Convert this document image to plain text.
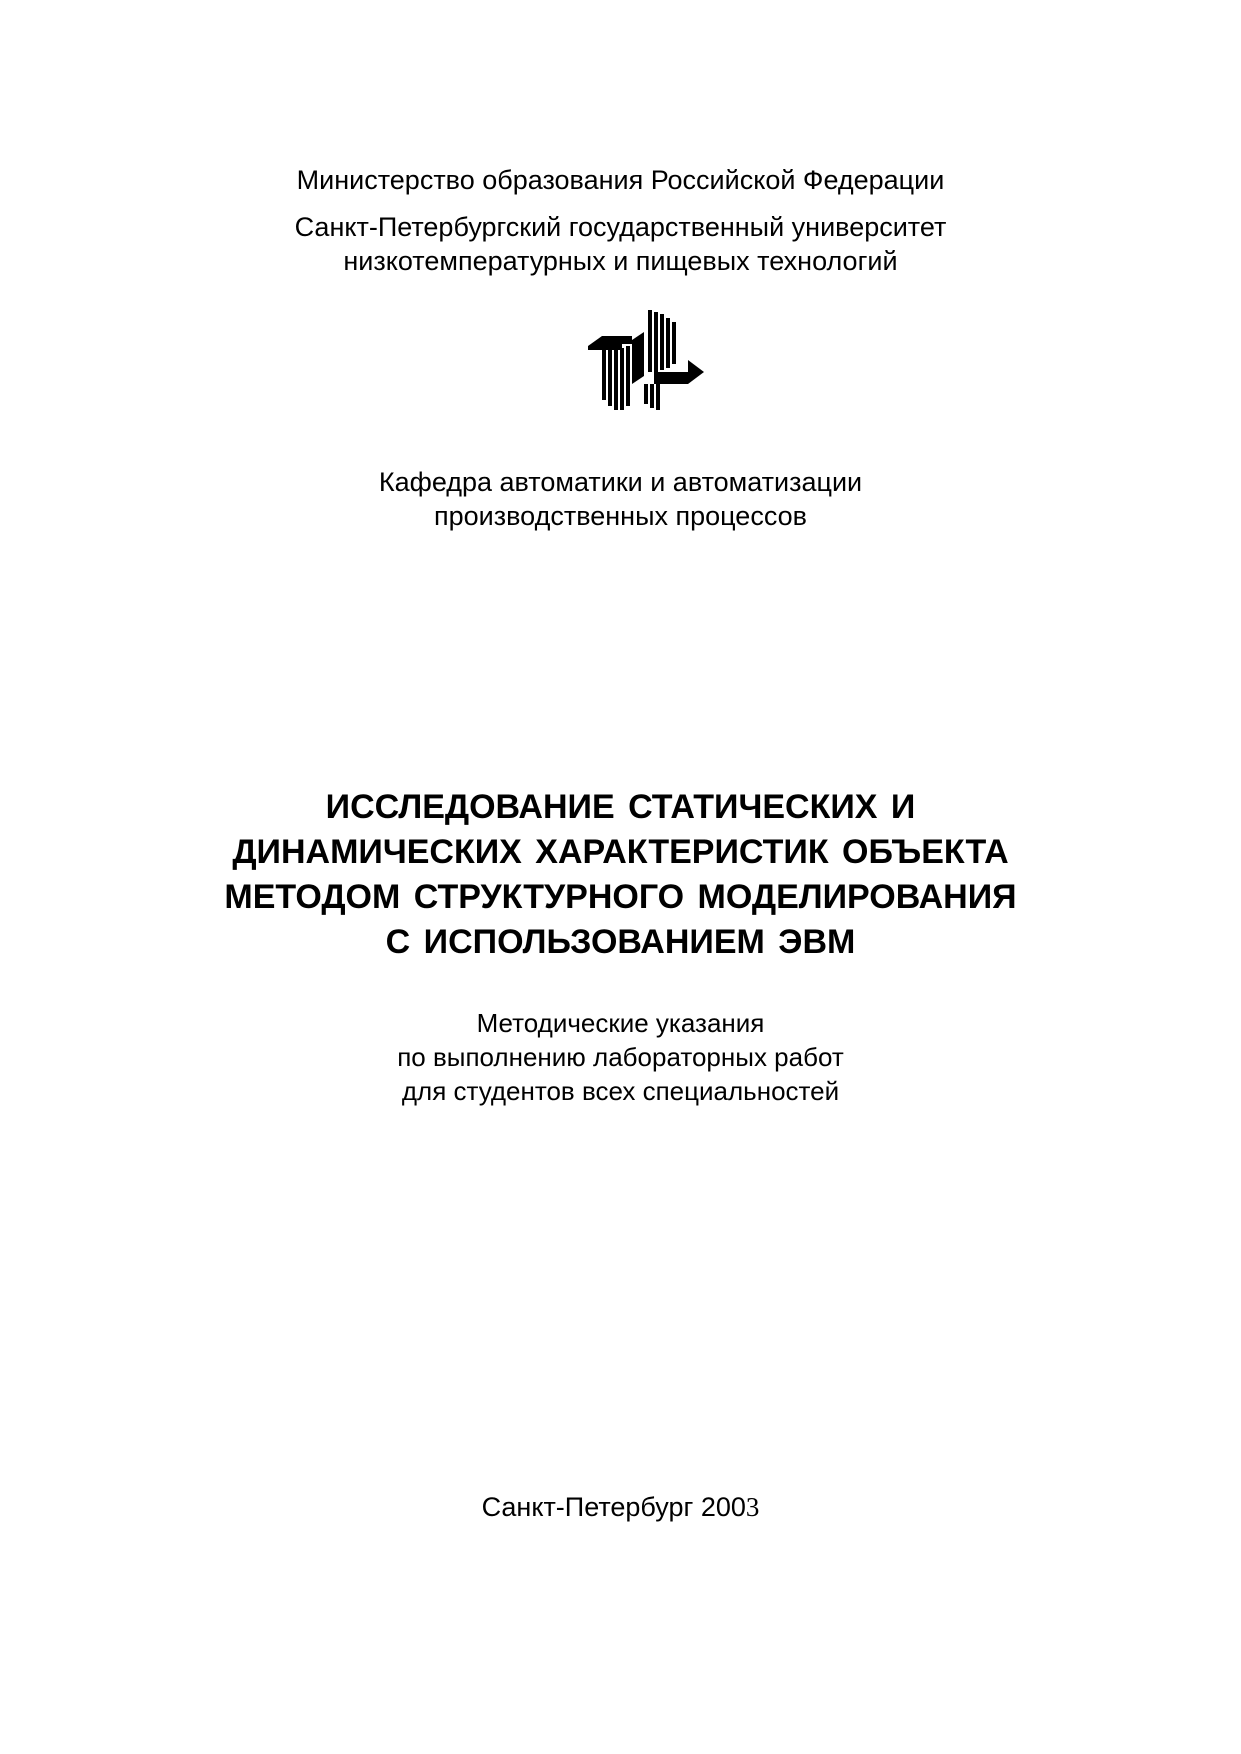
Министерство образования Российской Федерации
Санкт-Петербургский государственный университет
низкотемпературных и пищевых технологий
Кафедра автоматики и автоматизации
производственных процессов
ИССЛЕДОВАНИЕ СТАТИЧЕСКИХ И
ДИНАМИЧЕСКИХ ХАРАКТЕРИСТИК ОБЪЕКТА
МЕТОДОМ СТРУКТУРНОГО МОДЕЛИРОВАНИЯ
С ИСПОЛЬЗОВАНИЕМ ЭВМ
Методические указания
по выполнению лабораторных работ
для студентов всех специальностей
Санкт-Петербург 2003
